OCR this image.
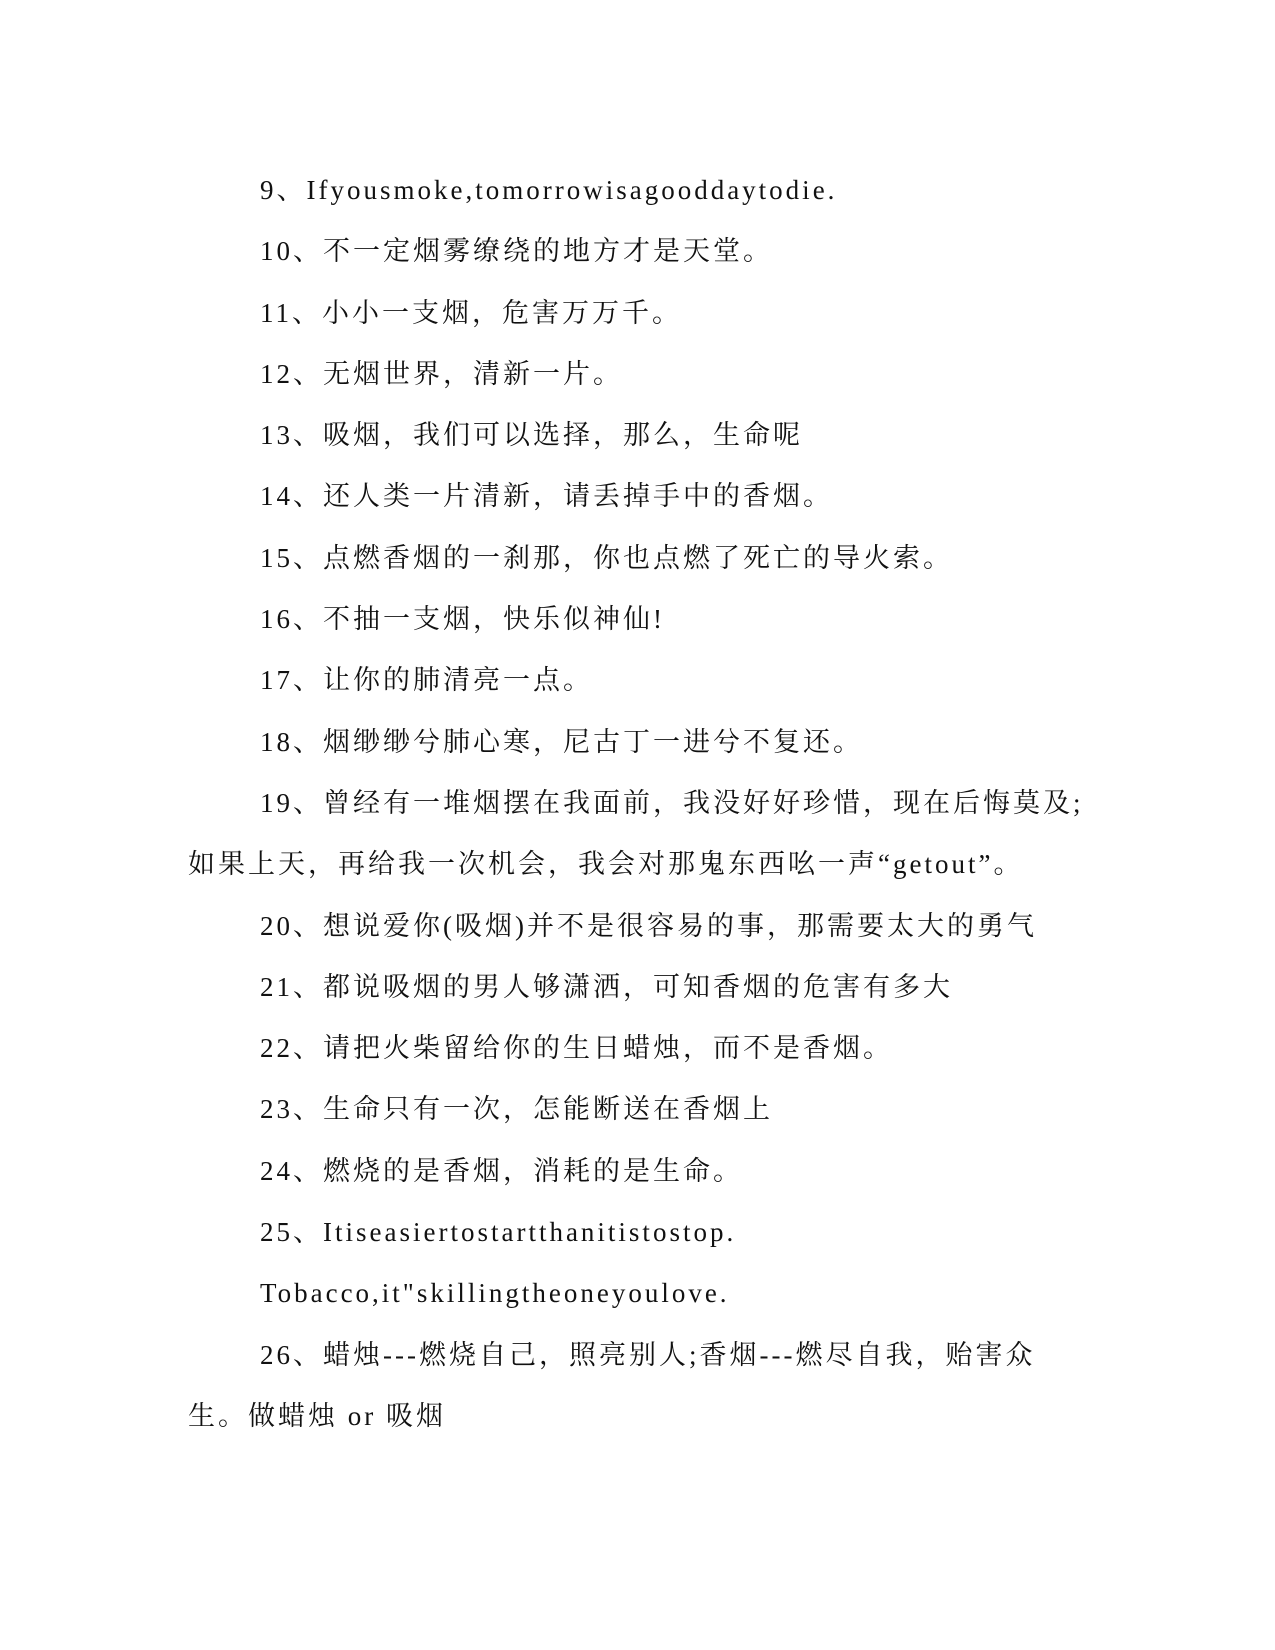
9、Ifyousmoke,tomorrowisagooddaytodie.

10、不一定烟雾缭绕的地方才是天堂。

11、小小一支烟，危害万万千。

12、无烟世界，清新一片。

13、吸烟，我们可以选择，那么，生命呢

14、还人类一片清新，请丢掉手中的香烟。

15、点燃香烟的一刹那，你也点燃了死亡的导火索。

16、不抽一支烟，快乐似神仙!

17、让你的肺清亮一点。

18、烟缈缈兮肺心寒，尼古丁一进兮不复还。

19、曾经有一堆烟摆在我面前，我没好好珍惜，现在后悔莫及;如果上天，再给我一次机会，我会对那鬼东西吆一声“getout”。

20、想说爱你(吸烟)并不是很容易的事，那需要太大的勇气

21、都说吸烟的男人够潇洒，可知香烟的危害有多大

22、请把火柴留给你的生日蜡烛，而不是香烟。

23、生命只有一次，怎能断送在香烟上

24、燃烧的是香烟，消耗的是生命。

25、Itiseasiertostartthanitistostop.

Tobacco,it"skillingtheoneyoulove.

26、蜡烛---燃烧自己，照亮别人;香烟---燃尽自我，贻害众生。做蜡烛 or 吸烟
